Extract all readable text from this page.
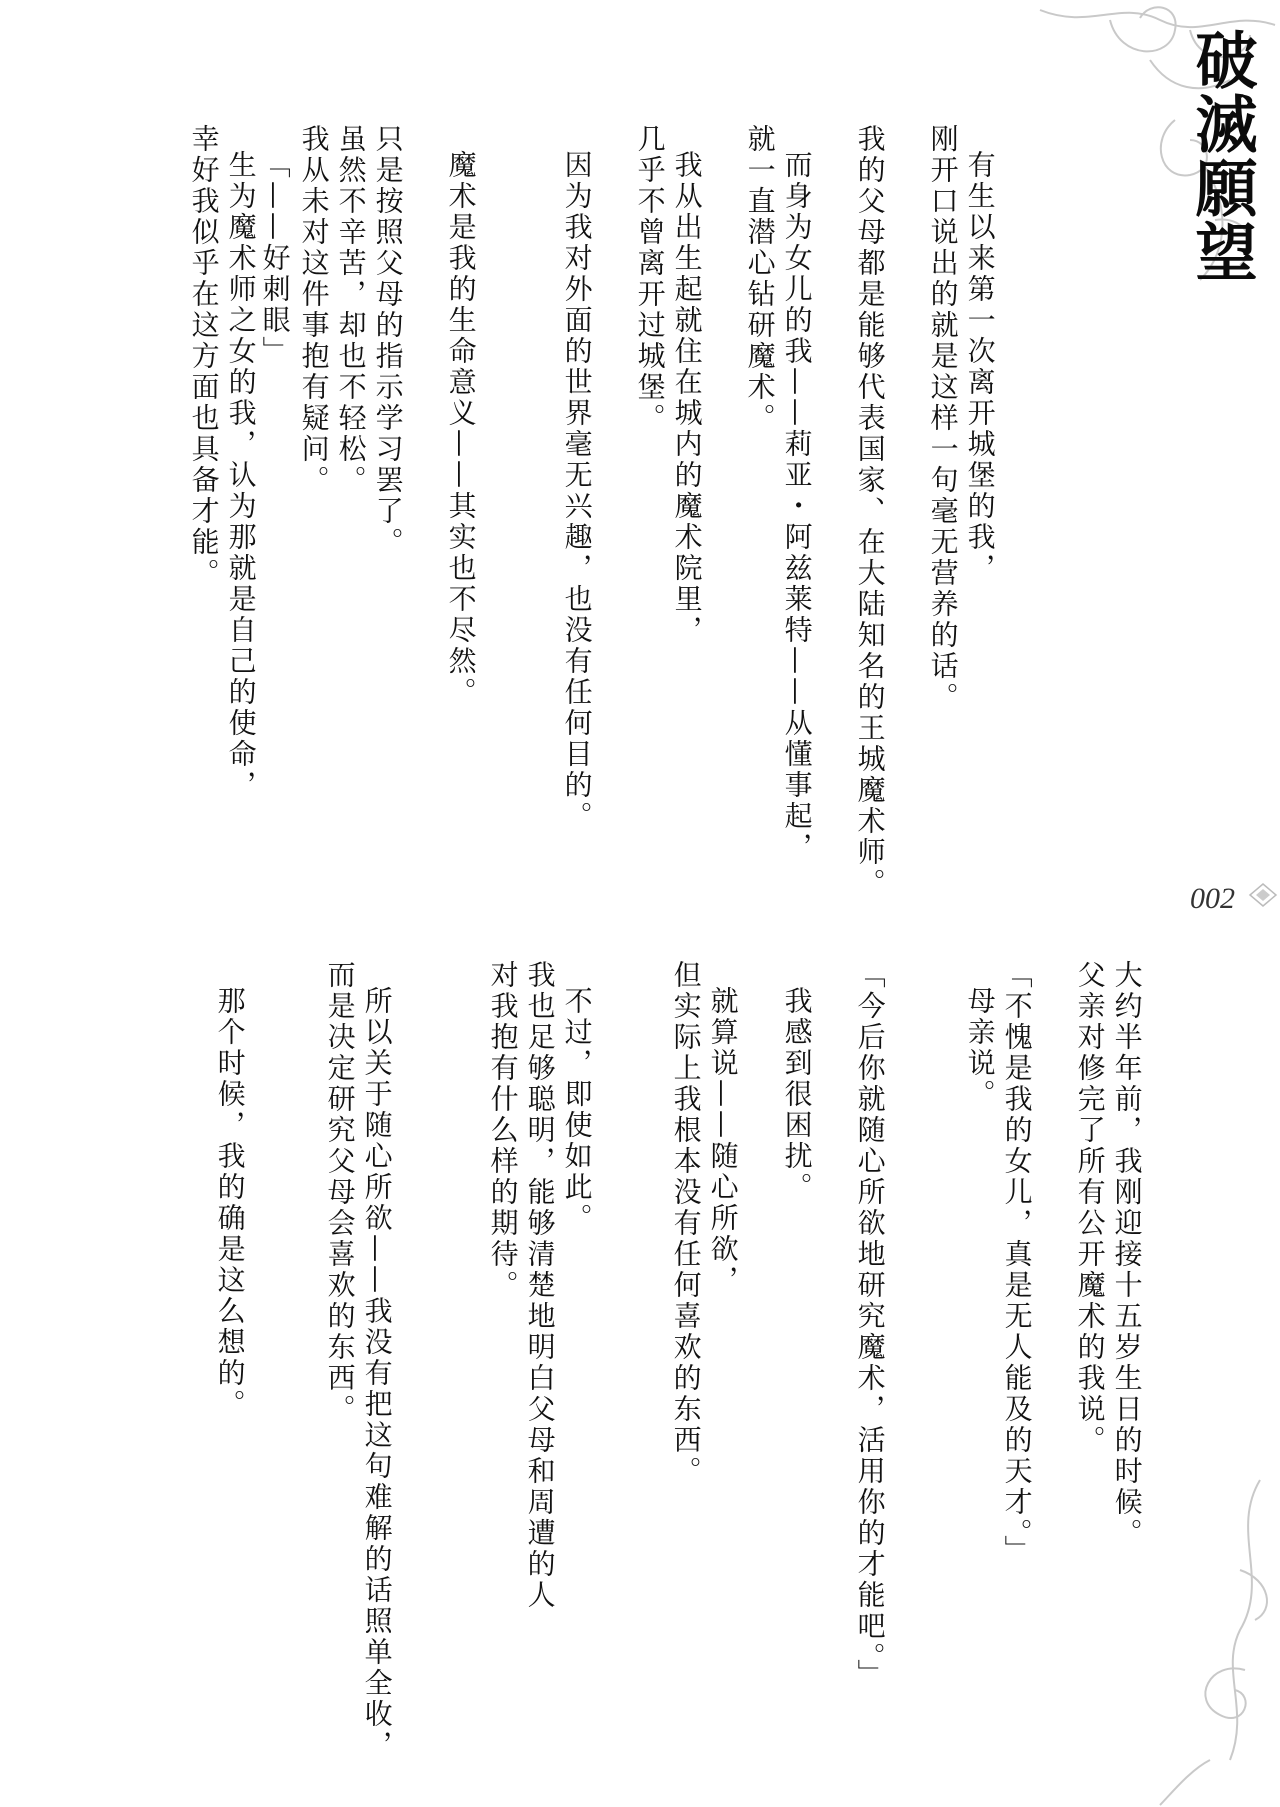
破滅願望
002
「——好刺眼」	有生以来第一次离开城堡的我，
刚开口说出的就是这样一句毫无营养的话。
我的父母都是能够代表国家、在大陆知名的王城魔术师。
而身为女儿的我——莉亚・阿兹莱特——从懂事起，
就一直潜心钻研魔术。
我从出生起就住在城内的魔术院里，
几乎不曾离开过城堡。
因为我对外面的世界毫无兴趣，也没有任何目的。
魔术是我的生命意义——其实也不尽然。
只是按照父母的指示学习罢了。
虽然不辛苦，却也不轻松。
我从未对这件事抱有疑问。
生为魔术师之女的我，认为那就是自己的使命，
幸好我似乎在这方面也具备才能。
大约半年前，我刚迎接十五岁生日的时候。
父亲对修完了所有公开魔术的我说。
「不愧是我的女儿，真是无人能及的天才。」
母亲说。
「今后你就随心所欲地研究魔术，活用你的才能吧。」
我感到很困扰。
就算说——随心所欲，
但实际上我根本没有任何喜欢的东西。
不过，即使如此。
我也足够聪明，能够清楚地明白父母和周遭的人
对我抱有什么样的期待。
所以关于随心所欲——我没有把这句难解的话照单全收，
而是决定研究父母会喜欢的东西。
那个时候，我的确是这么想的。
